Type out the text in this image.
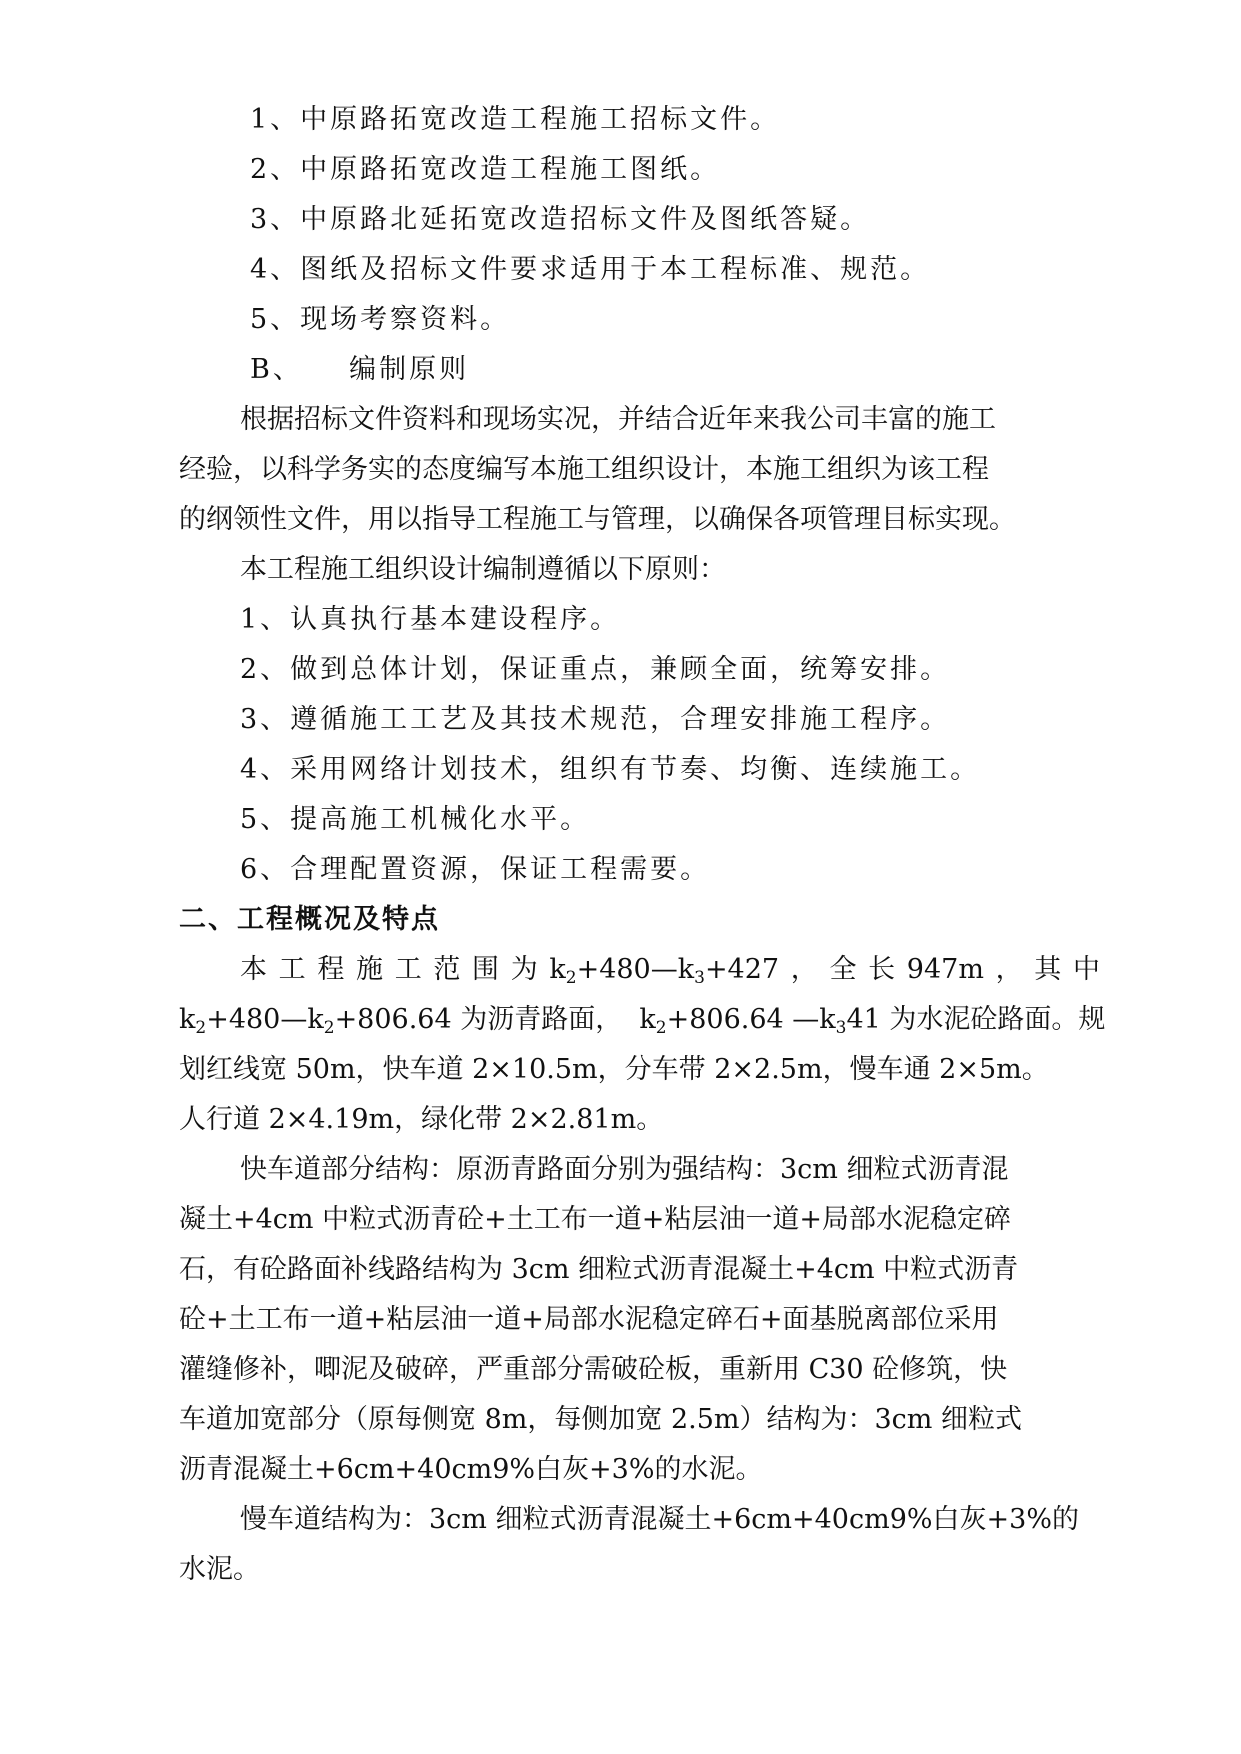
1、中原路拓宽改造工程施工招标文件。
2、中原路拓宽改造工程施工图纸。
3、中原路北延拓宽改造招标文件及图纸答疑。
4、图纸及招标文件要求适用于本工程标准、规范。
5、现场考察资料。
B、    编制原则
根据招标文件资料和现场实况，并结合近年来我公司丰富的施工
经验，以科学务实的态度编写本施工组织设计，本施工组织为该工程
的纲领性文件，用以指导工程施工与管理，以确保各项管理目标实现。
本工程施工组织设计编制遵循以下原则：
1、认真执行基本建设程序。
2、做到总体计划，保证重点，兼顾全面，统筹安排。
3、遵循施工工艺及其技术规范，合理安排施工程序。
4、采用网络计划技术，组织有节奏、均衡、连续施工。
5、提高施工机械化水平。
6、合理配置资源，保证工程需要。
二、工程概况及特点
本 工 程 施 工 范 围 为 $k_2+480—k_3+427$ ， 全 长 947m ， 其 中
$k_2+480—k_2+806.64$ 为沥青路面，  $k_2+806.64$ $—k_341$ 为水泥砼路面。规
划红线宽 50m，快车道 2×10.5m，分车带 2×2.5m，慢车通 2×5m。
人行道 2×4.19m，绿化带 2×2.81m。
快车道部分结构：原沥青路面分别为强结构：3cm 细粒式沥青混
凝土+4cm 中粒式沥青砼+土工布一道+粘层油一道+局部水泥稳定碎
石，有砼路面补线路结构为 3cm 细粒式沥青混凝土+4cm 中粒式沥青
砼+土工布一道+粘层油一道+局部水泥稳定碎石+面基脱离部位采用
灌缝修补，唧泥及破碎，严重部分需破砼板，重新用 C30 砼修筑，快
车道加宽部分（原每侧宽 8m，每侧加宽 2.5m）结构为：3cm 细粒式
沥青混凝土+6cm+40cm9%白灰+3%的水泥。
慢车道结构为：3cm 细粒式沥青混凝土+6cm+40cm9%白灰+3%的
水泥。
